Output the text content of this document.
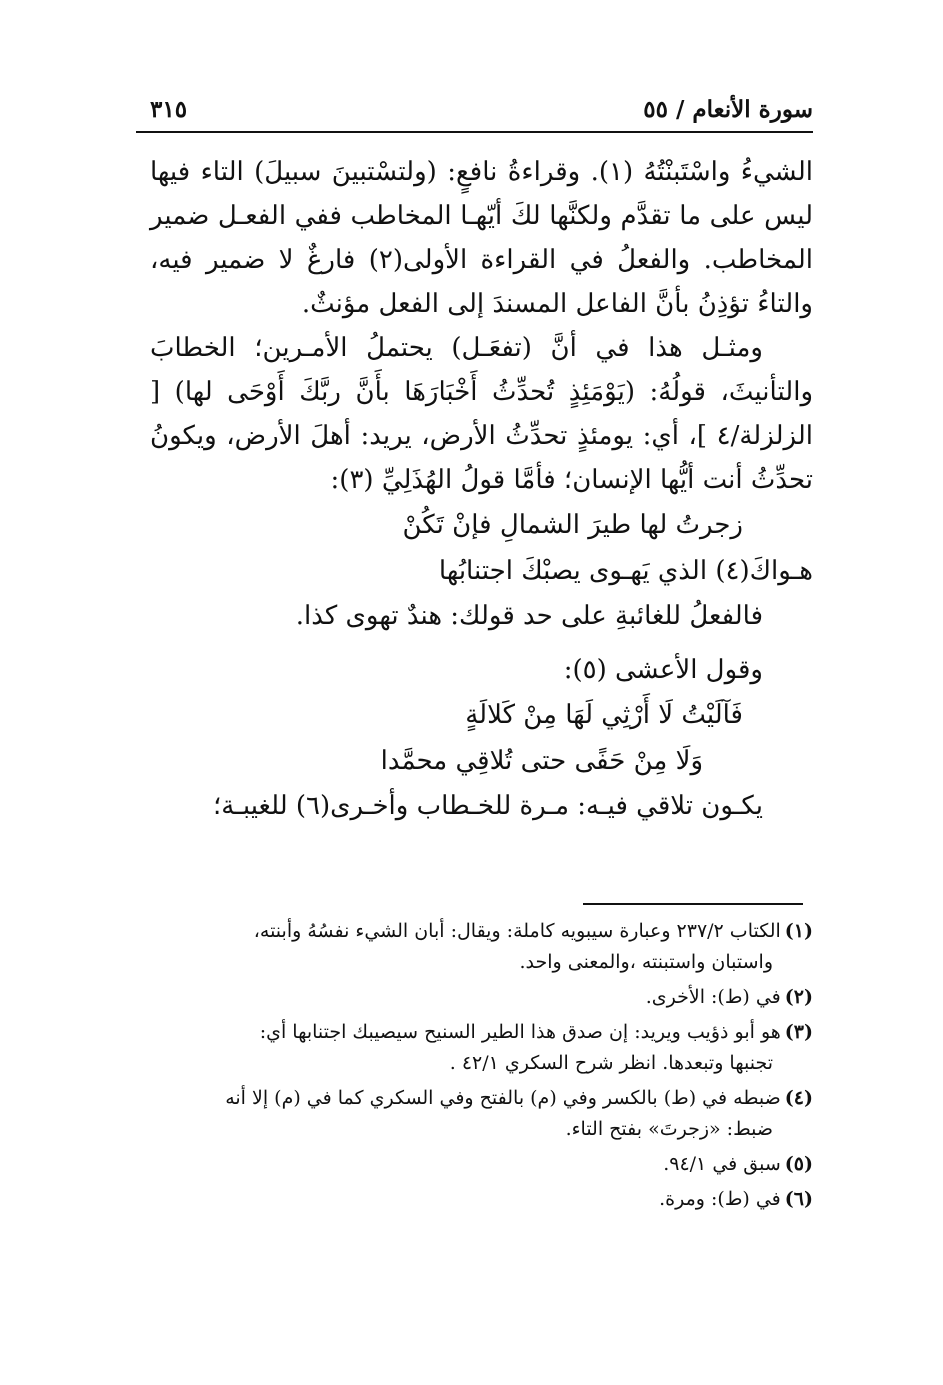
سورة الأنعام / ٥٥
٣١٥

الشيءُ واسْتَبنْتُهُ (١). وقراءةُ نافعٍ: (ولتسْتبينَ سبيلَ) التاء فيها ليس على ما تقدَّم ولكنَّها لكَ أيّهـا المخاطب ففي الفعـل ضمير المخاطب. والفعلُ في القراءة الأولى(٢) فارغٌ لا ضمير فيه، والتاءُ تؤذِنُ بأنَّ الفاعل المسندَ إلى الفعل مؤنثٌ.

ومثـل هذا في أنَّ (تفعَـل) يحتملُ الأمـرين؛ الخطابَ والتأنيثَ، قولُهُ: (يَوْمَئِذٍ تُحدِّثُ أَخْبَارَهَا بأَنَّ ربَّكَ أَوْحَى لها) [ الزلزلة/٤ ]، أي: يومئذٍ تحدِّثُ الأرض، يريد: أهلَ الأرض، ويكونُ تحدِّثُ أنت أيُّها الإنسان؛ فأمَّا قولُ الهُذَلِيِّ (٣):

زجرتُ لها طيرَ الشمالِ فإنْ تَكُنْ
هـواكَ(٤) الذي يَهـوى يصبْكَ اجتنابُها

فالفعلُ للغائبةِ على حد قولك: هندٌ تهوى كذا.

وقول الأعشى (٥):

فَآلَيْتُ لَا أَرْثِي لَهَا مِنْ كَلالَةٍ
وَلَا مِنْ حَفًى حتى تُلاقِي محمَّدا

يكـون تلاقي فيـه: مـرة للخـطاب وأخـرى(٦) للغيبـة؛

(١)الكتاب ٢٣٧/٢ وعبارة سيبويه كاملة: ويقال: أبان الشيء نفسُهُ وأبنته،
واستبان واستبنته ،والمعنى واحد.
(٢)في (ط): الأخرى.
(٣)هو أبو ذؤيب ويريد: إن صدق هذا الطير السنيح سيصيبك اجتنابها أي:
تجنبها وتبعدها. انظر شرح السكري ٤٢/١ .
(٤)ضبطه في (ط) بالكسر وفي (م) بالفتح وفي السكري كما في (م) إلا أنه
ضبط: «زجرتَ» بفتح التاء.
(٥)سبق في ٩٤/١.
(٦)في (ط): ومرة.
